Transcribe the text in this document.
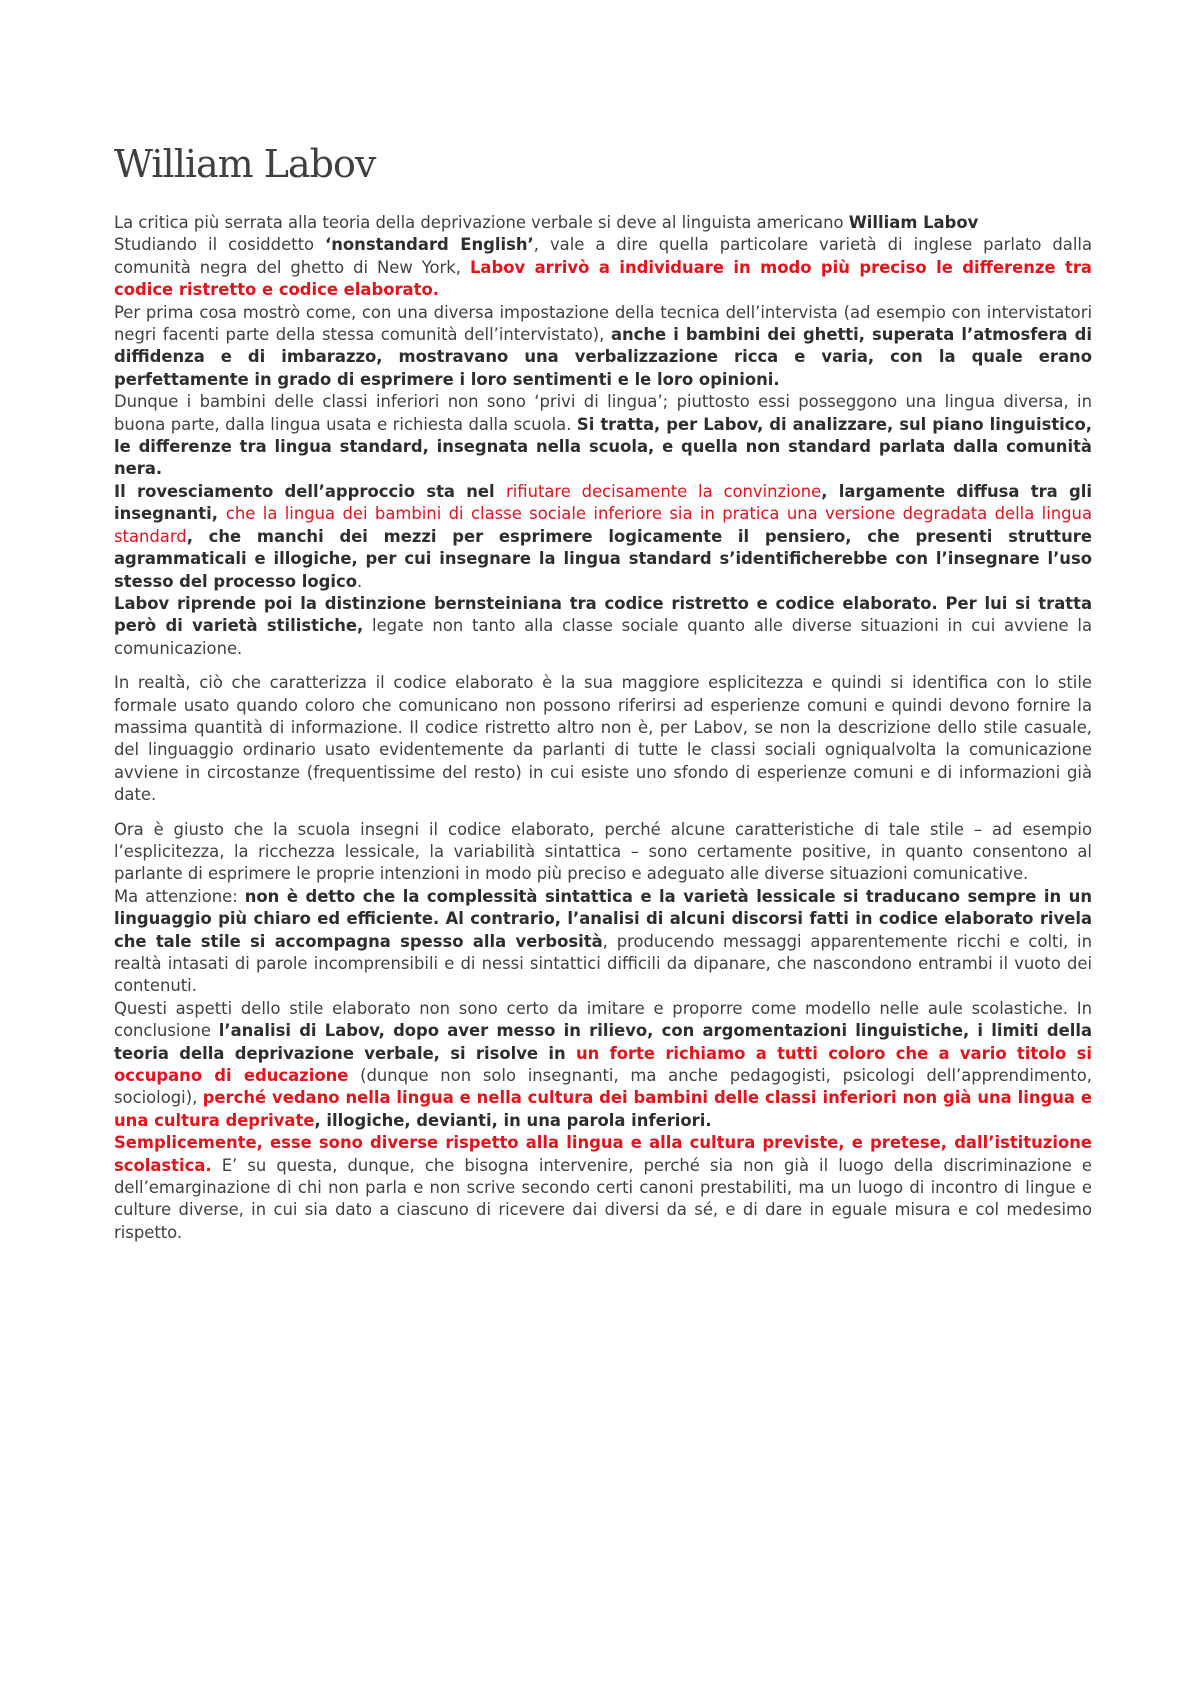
William Labov

La critica più serrata alla teoria della deprivazione verbale si deve al linguista americano William Labov

Studiando il cosiddetto ‘nonstandard English’, vale a dire quella particolare varietà di inglese parlato dalla comunità negra del ghetto di New York, Labov arrivò a individuare in modo più preciso le differenze tra codice ristretto e codice elaborato.

Per prima cosa mostrò come, con una diversa impostazione della tecnica dell’intervista (ad esempio con intervistatori negri facenti parte della stessa comunità dell’intervistato), anche i bambini dei ghetti, superata l’atmosfera di diffidenza e di imbarazzo, mostravano una verbalizzazione ricca e varia, con la quale erano perfettamente in grado di esprimere i loro sentimenti e le loro opinioni.

Dunque i bambini delle classi inferiori non sono ‘privi di lingua’; piuttosto essi posseggono una lingua diversa, in buona parte, dalla lingua usata e richiesta dalla scuola. Si tratta, per Labov, di analizzare, sul piano linguistico, le differenze tra lingua standard, insegnata nella scuola, e quella non standard parlata dalla comunità nera.

Il rovesciamento dell’approccio sta nel rifiutare decisamente la convinzione, largamente diffusa tra gli insegnanti, che la lingua dei bambini di classe sociale inferiore sia in pratica una versione degradata della lingua standard, che manchi dei mezzi per esprimere logicamente il pensiero, che presenti strutture agrammaticali e illogiche, per cui insegnare la lingua standard s’identificherebbe con l’insegnare l’uso stesso del processo logico.

Labov riprende poi la distinzione bernsteiniana tra codice ristretto e codice elaborato. Per lui si tratta però di varietà stilistiche, legate non tanto alla classe sociale quanto alle diverse situazioni in cui avviene la comunicazione.

In realtà, ciò che caratterizza il codice elaborato è la sua maggiore esplicitezza e quindi si identifica con lo stile formale usato quando coloro che comunicano non possono riferirsi ad esperienze comuni e quindi devono fornire la massima quantità di informazione. Il codice ristretto altro non è, per Labov, se non la descrizione dello stile casuale, del linguaggio ordinario usato evidentemente da parlanti di tutte le classi sociali ogniqualvolta la comunicazione avviene in circostanze (frequentissime del resto) in cui esiste uno sfondo di esperienze comuni e di informazioni già date.

Ora è giusto che la scuola insegni il codice elaborato, perché alcune caratteristiche di tale stile – ad esempio l’esplicitezza, la ricchezza lessicale, la variabilità sintattica – sono certamente positive, in quanto consentono al parlante di esprimere le proprie intenzioni in modo più preciso e adeguato alle diverse situazioni comunicative.

Ma attenzione: non è detto che la complessità sintattica e la varietà lessicale si traducano sempre in un linguaggio più chiaro ed efficiente. Al contrario, l’analisi di alcuni discorsi fatti in codice elaborato rivela che tale stile si accompagna spesso alla verbosità, producendo messaggi apparentemente ricchi e colti, in realtà intasati di parole incomprensibili e di nessi sintattici difficili da dipanare, che nascondono entrambi il vuoto dei contenuti.

Questi aspetti dello stile elaborato non sono certo da imitare e proporre come modello nelle aule scolastiche. In conclusione l’analisi di Labov, dopo aver messo in rilievo, con argomentazioni linguistiche, i limiti della teoria della deprivazione verbale, si risolve in un forte richiamo a tutti coloro che a vario titolo si occupano di educazione (dunque non solo insegnanti, ma anche pedagogisti, psicologi dell’apprendimento, sociologi), perché vedano nella lingua e nella cultura dei bambini delle classi inferiori non già una lingua e una cultura deprivate, illogiche, devianti, in una parola inferiori.

Semplicemente, esse sono diverse rispetto alla lingua e alla cultura previste, e pretese, dall’istituzione scolastica. E’ su questa, dunque, che bisogna intervenire, perché sia non già il luogo della discriminazione e dell’emarginazione di chi non parla e non scrive secondo certi canoni prestabiliti, ma un luogo di incontro di lingue e culture diverse, in cui sia dato a ciascuno di ricevere dai diversi da sé, e di dare in eguale misura e col medesimo rispetto.
